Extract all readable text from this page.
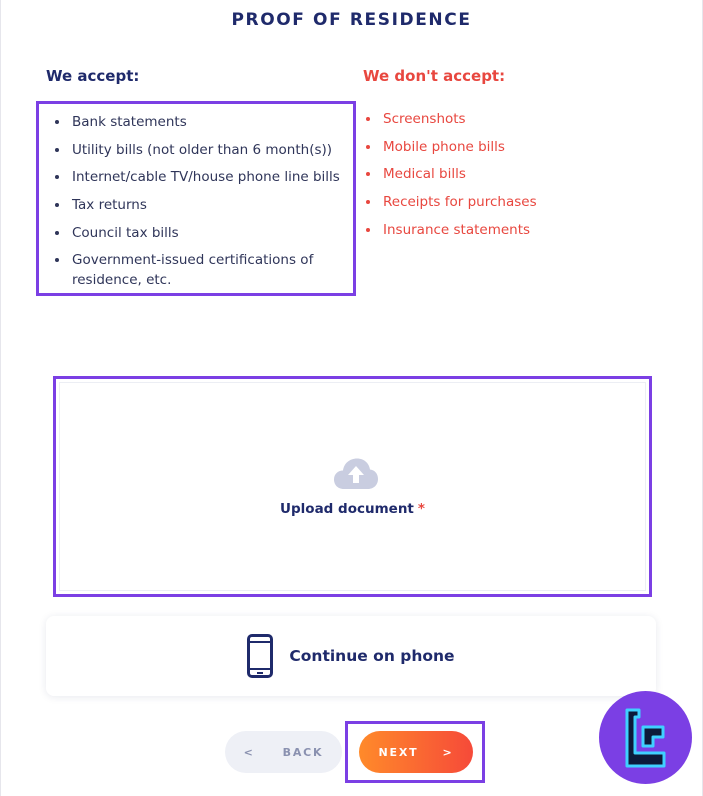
PROOF OF RESIDENCE
We accept:	We don't accept:
Bank statements
Utility bills (not older than 6 month(s))
Internet/cable TV/house phone line bills
Tax returns
Council tax bills
Government-issued certifications of residence, etc.
Screenshots
Mobile phone bills
Medical bills
Receipts for purchases
Insurance statements
Upload document *
Continue on phone
<	BACK	NEXT >
